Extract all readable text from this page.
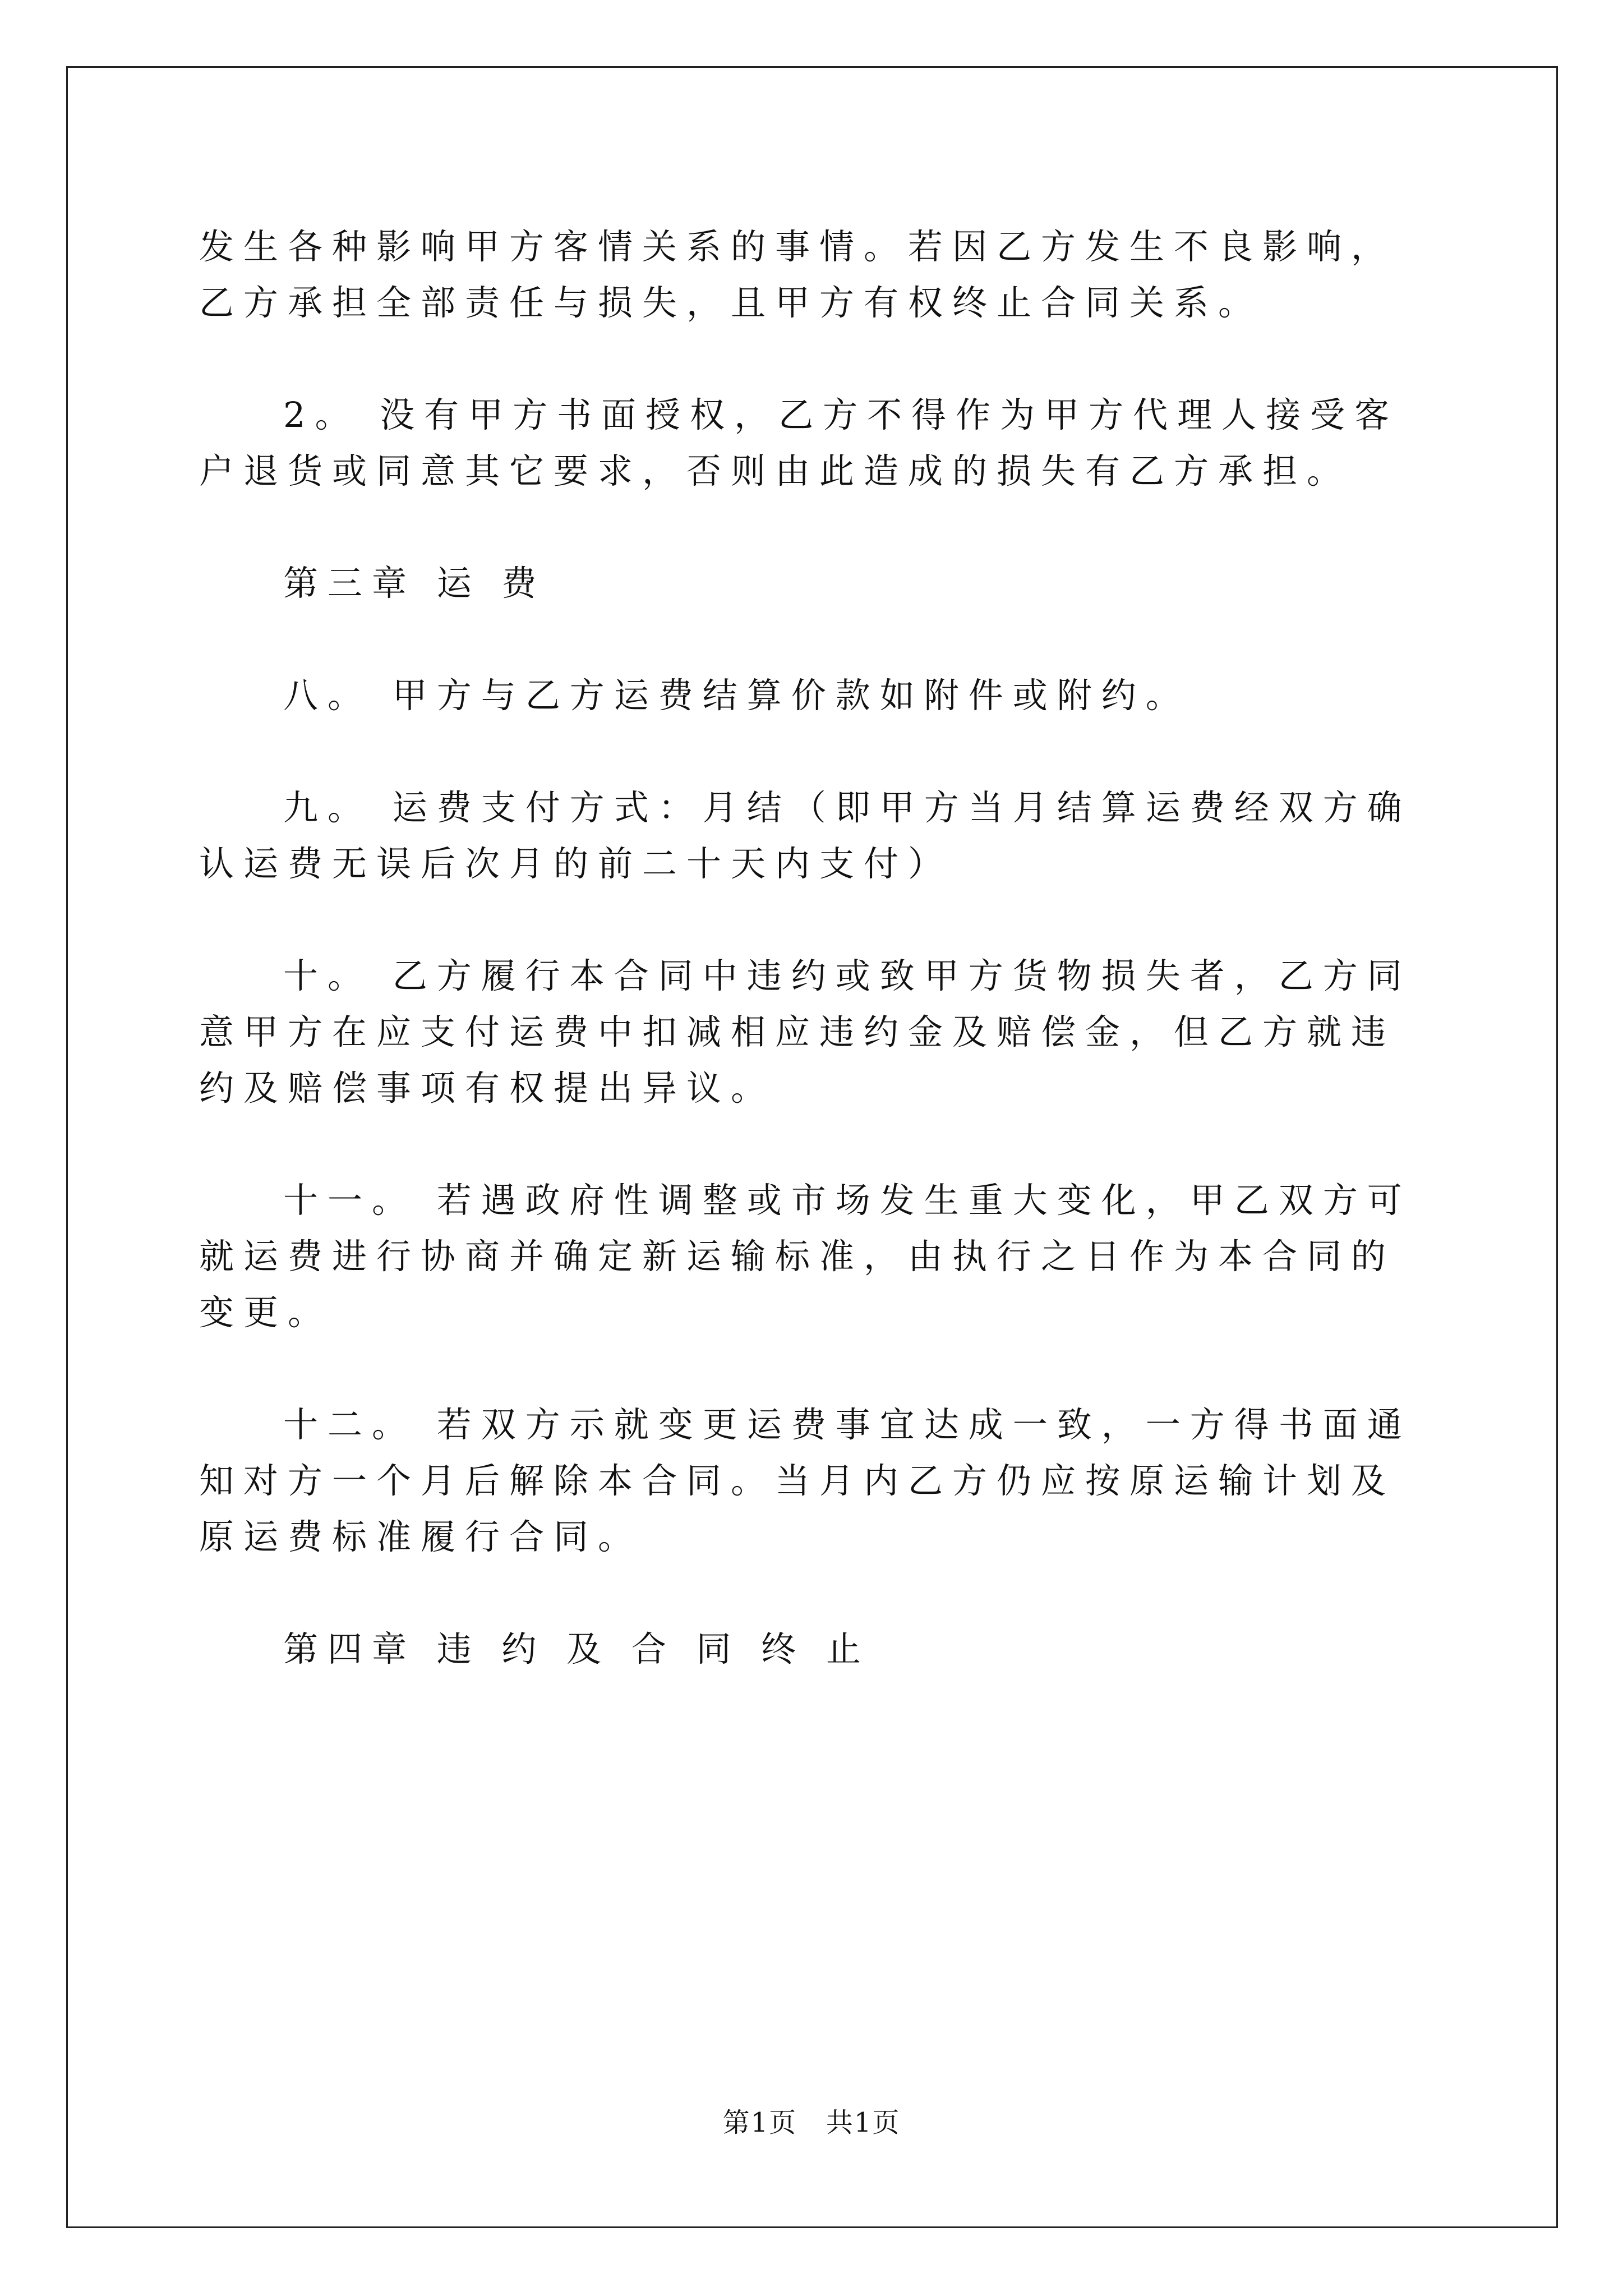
发生各种影响甲方客情关系的事情。若因乙方发生不良影响，乙方承担全部责任与损失，且甲方有权终止合同关系。

2。 没有甲方书面授权，乙方不得作为甲方代理人接受客户退货或同意其它要求，否则由此造成的损失有乙方承担。

第三章 运 费

八。 甲方与乙方运费结算价款如附件或附约。

九。 运费支付方式：月结（即甲方当月结算运费经双方确认运费无误后次月的前二十天内支付）

十。 乙方履行本合同中违约或致甲方货物损失者，乙方同意甲方在应支付运费中扣减相应违约金及赔偿金，但乙方就违约及赔偿事项有权提出异议。

十一。 若遇政府性调整或市场发生重大变化，甲乙双方可就运费进行协商并确定新运输标准，由执行之日作为本合同的变更。

十二。 若双方示就变更运费事宜达成一致，一方得书面通知对方一个月后解除本合同。当月内乙方仍应按原运输计划及原运费标准履行合同。

第四章 违 约 及 合 同 终 止

第1页   共1页
